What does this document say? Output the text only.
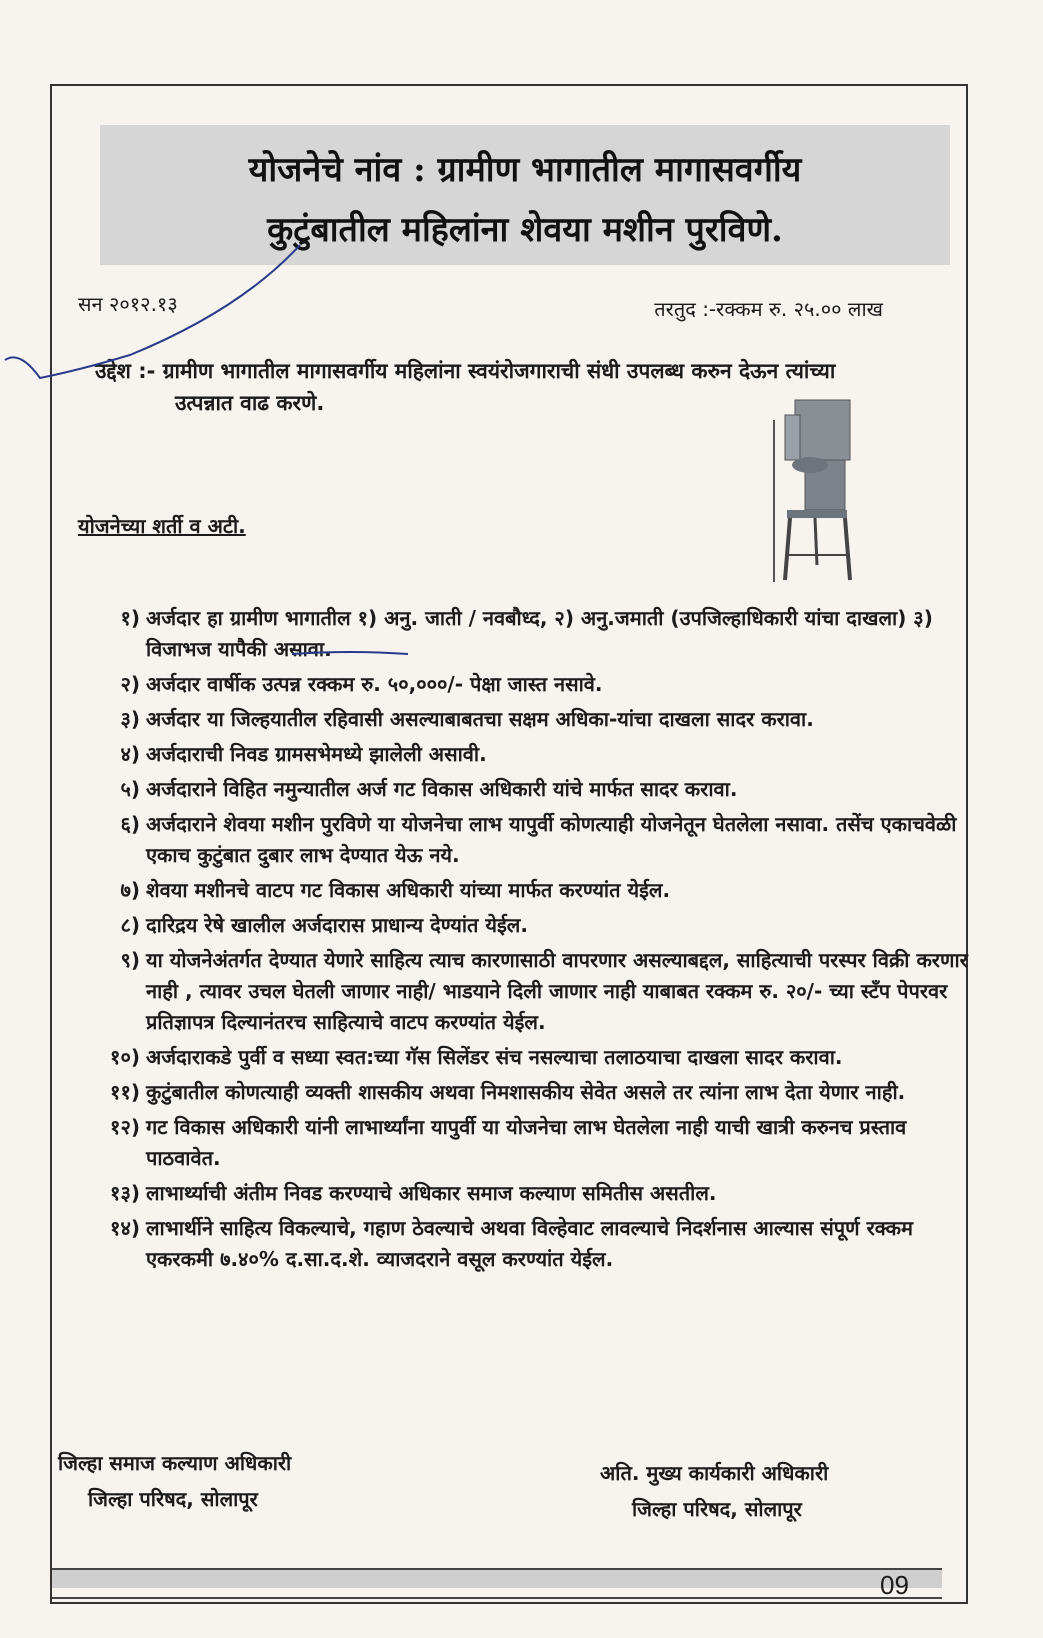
योजनेचे नांव : ग्रामीण भागातील मागासवर्गीय
कुटुंबातील महिलांना शेवया मशीन पुरविणे.
सन २०१२.१३	तरतुद :-रक्कम रु. २५.०० लाख
उद्देश :- ग्रामीण भागातील मागासवर्गीय महिलांना स्वयंरोजगाराची संधी उपलब्ध करुन देऊन त्यांच्या
उत्पन्नात वाढ करणे.
योजनेच्या शर्ती व अटी.
१) अर्जदार हा ग्रामीण भागातील १) अनु. जाती / नवबौध्द, २) अनु.जमाती (उपजिल्हाधिकारी यांचा दाखला) ३) विजाभज यापैकी असावा.
२) अर्जदार वार्षीक उत्पन्न रक्कम रु. ५०,०००/- पेक्षा जास्त नसावे.
३) अर्जदार या जिल्हयातील रहिवासी असल्याबाबतचा सक्षम अधिका-यांचा दाखला सादर करावा.
४) अर्जदाराची निवड ग्रामसभेमध्ये झालेली असावी.
५) अर्जदाराने विहित नमुन्यातील अर्ज गट विकास अधिकारी यांचे मार्फत सादर करावा.
६) अर्जदाराने शेवया मशीन पुरविणे या योजनेचा लाभ यापुर्वी कोणत्याही योजनेतून घेतलेला नसावा. तसेंच एकाचवेळी एकाच कुटुंबात दुबार लाभ देण्यात येऊ नये.
७) शेवया मशीनचे वाटप गट विकास अधिकारी यांच्या मार्फत करण्यांत येईल.
८) दारिद्रय रेषे खालील अर्जदारास प्राधान्य देण्यांत येईल.
९) या योजनेअंतर्गत देण्यात येणारे साहित्य त्याच कारणासाठी वापरणार असल्याबद्दल, साहित्याची परस्पर विक्री करणार नाही , त्यावर उचल घेतली जाणार नाही/ भाडयाने दिली जाणार नाही याबाबत रक्कम रु. २०/- च्या स्टँप पेपरवर प्रतिज्ञापत्र दिल्यानंतरच साहित्याचे वाटप करण्यांत येईल.
१०) अर्जदाराकडे पुर्वी व सध्या स्वत:च्या गॅस सिलेंडर संच नसल्याचा तलाठयाचा दाखला सादर करावा.
११) कुटुंबातील कोणत्याही व्यक्ती शासकीय अथवा निमशासकीय सेवेत असले तर त्यांना लाभ देता येणार नाही.
१२) गट विकास अधिकारी यांनी लाभार्थ्यांना यापुर्वी या योजनेचा लाभ घेतलेला नाही याची खात्री करुनच प्रस्ताव पाठवावेत.
१३) लाभार्थ्याची अंतीम निवड करण्याचे अधिकार समाज कल्याण समितीस असतील.
१४) लाभार्थीने साहित्य विकल्याचे, गहाण ठेवल्याचे अथवा विल्हेवाट लावल्याचे निदर्शनास आल्यास संपूर्ण रक्कम एकरकमी ७.४०% द.सा.द.शे. व्याजदराने वसूल करण्यांत येईल.
जिल्हा समाज कल्याण अधिकारी
जिल्हा परिषद, सोलापूर
अति. मुख्य कार्यकारी अधिकारी
जिल्हा परिषद, सोलापूर
09
